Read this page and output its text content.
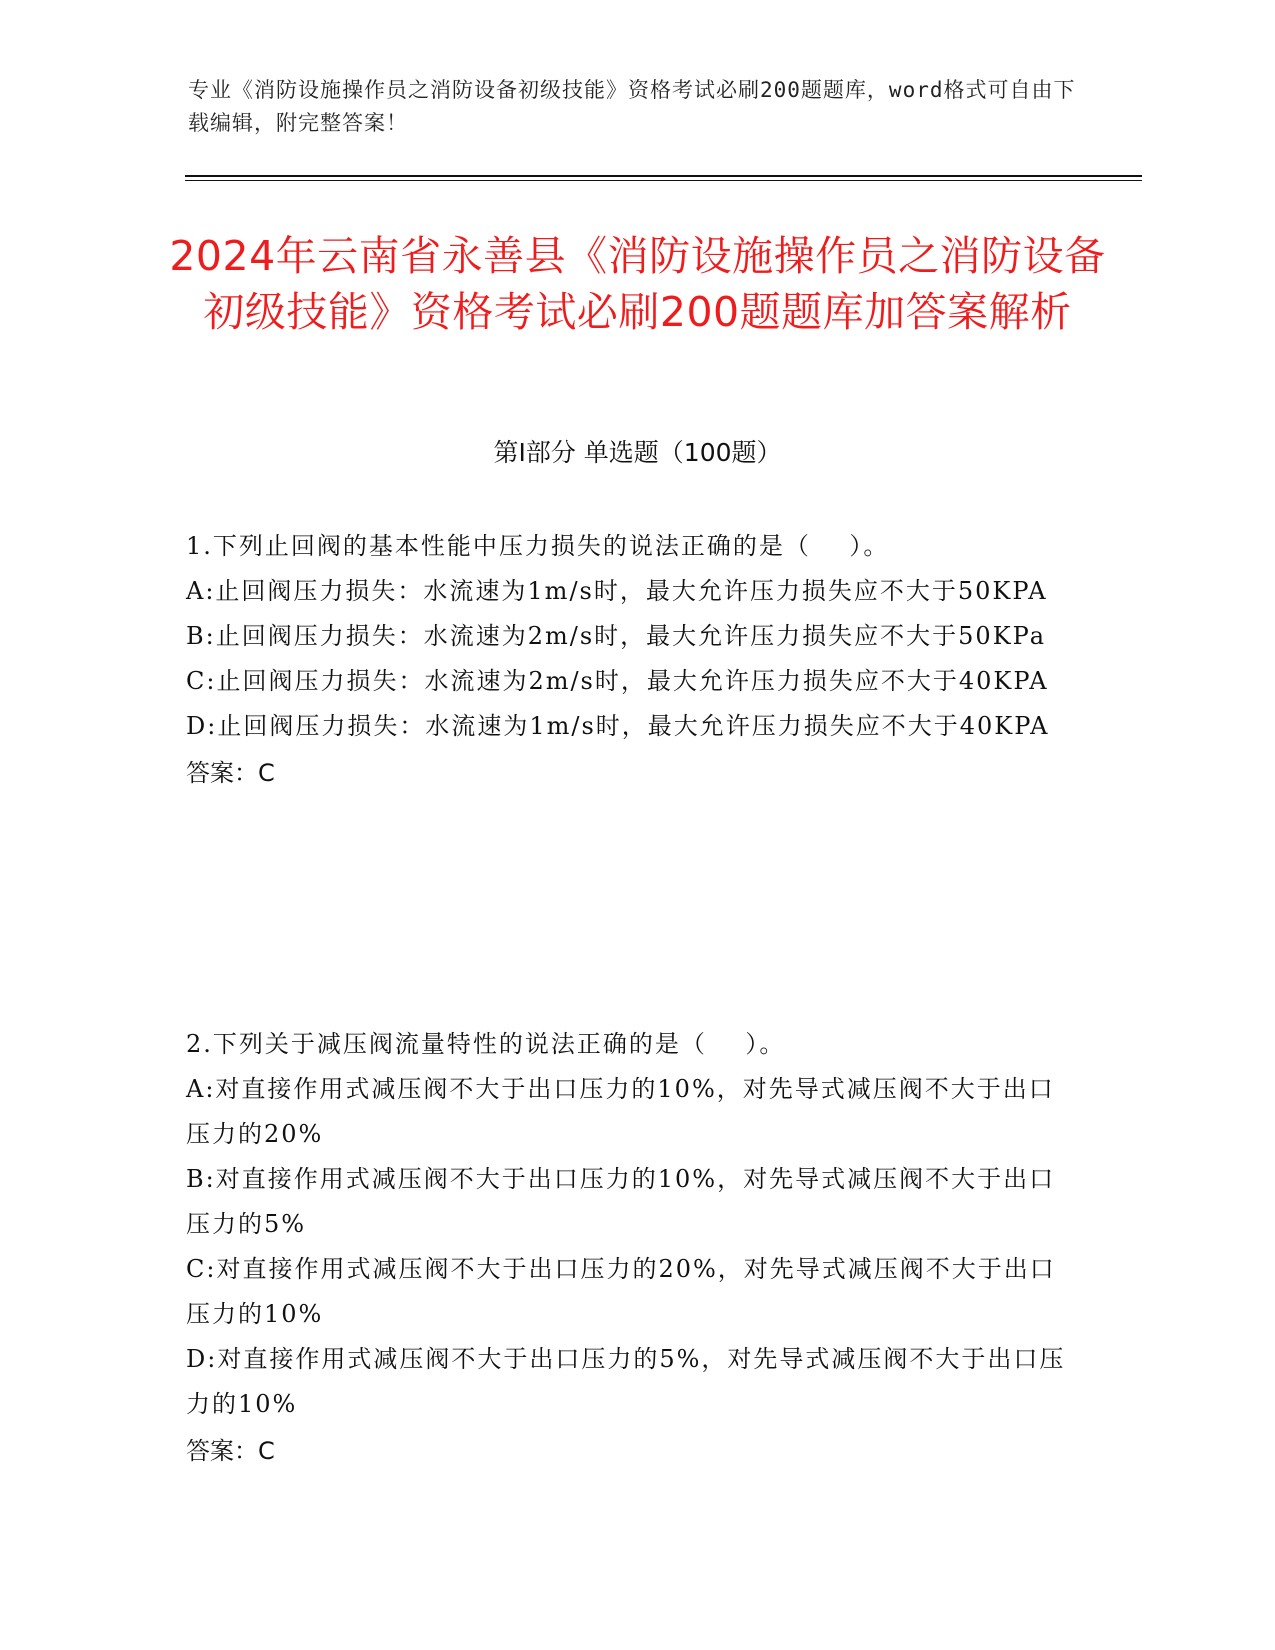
专业《消防设施操作员之消防设备初级技能》资格考试必刷200题题库，word格式可自由下载编辑，附完整答案！
2024年云南省永善县《消防设施操作员之消防设备初级技能》资格考试必刷200题题库加答案解析
第I部分 单选题（100题）
1.下列止回阀的基本性能中压力损失的说法正确的是（    ）。
A:止回阀压力损失：水流速为1m/s时，最大允许压力损失应不大于50KPA
B:止回阀压力损失：水流速为2m/s时，最大允许压力损失应不大于50KPa
C:止回阀压力损失：水流速为2m/s时，最大允许压力损失应不大于40KPA
D:止回阀压力损失：水流速为1m/s时，最大允许压力损失应不大于40KPA
答案：C
2.下列关于减压阀流量特性的说法正确的是（    ）。
A:对直接作用式减压阀不大于出口压力的10%，对先导式减压阀不大于出口压力的20%
B:对直接作用式减压阀不大于出口压力的10%，对先导式减压阀不大于出口压力的5%
C:对直接作用式减压阀不大于出口压力的20%，对先导式减压阀不大于出口压力的10%
D:对直接作用式减压阀不大于出口压力的5%，对先导式减压阀不大于出口压力的10%
答案：C
